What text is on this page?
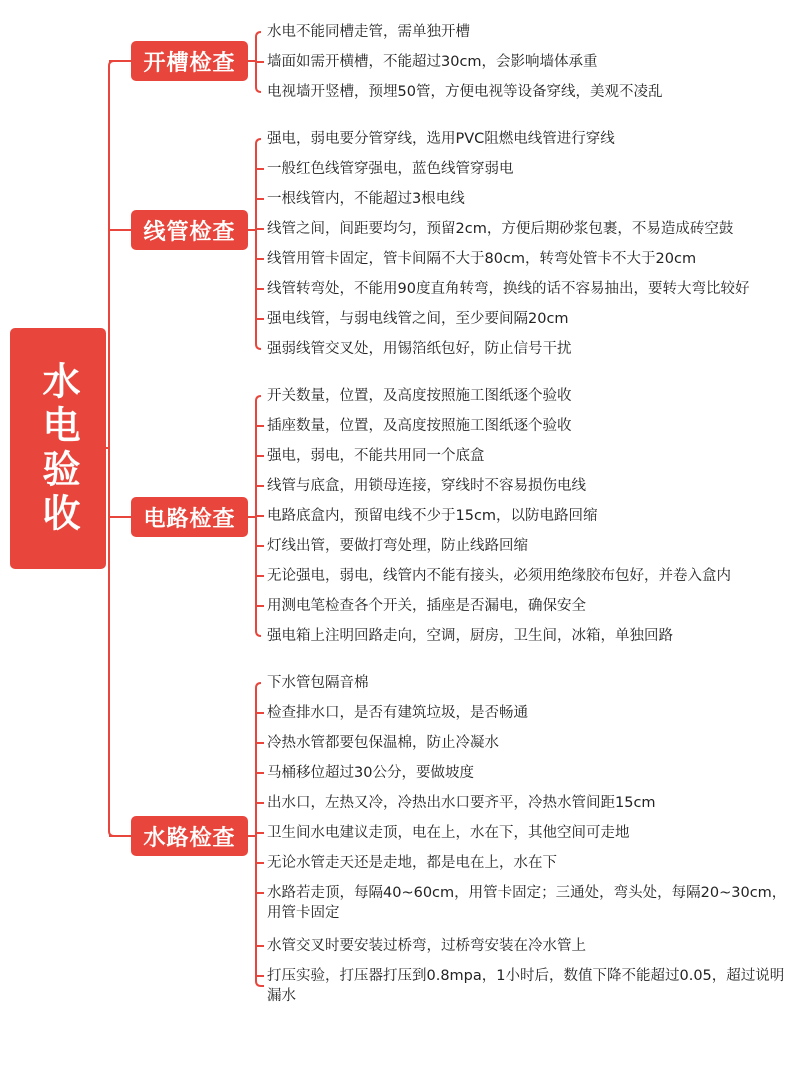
水电验收
开槽检查
线管检查
电路检查
水路检查
水电不能同槽走管，需单独开槽
墙面如需开横槽，不能超过30cm，会影响墙体承重
电视墙开竖槽，预埋50管，方便电视等设备穿线，美观不凌乱
强电，弱电要分管穿线，选用PVC阻燃电线管进行穿线
一般红色线管穿强电，蓝色线管穿弱电
一根线管内，不能超过3根电线
线管之间，间距要均匀，预留2cm，方便后期砂浆包裹，不易造成砖空鼓
线管用管卡固定，管卡间隔不大于80cm，转弯处管卡不大于20cm
线管转弯处，不能用90度直角转弯，换线的话不容易抽出，要转大弯比较好
强电线管，与弱电线管之间，至少要间隔20cm
强弱线管交叉处，用锡箔纸包好，防止信号干扰
开关数量，位置，及高度按照施工图纸逐个验收
插座数量，位置，及高度按照施工图纸逐个验收
强电，弱电，不能共用同一个底盒
线管与底盒，用锁母连接，穿线时不容易损伤电线
电路底盒内，预留电线不少于15cm，以防电路回缩
灯线出管，要做打弯处理，防止线路回缩
无论强电，弱电，线管内不能有接头，必须用绝缘胶布包好，并卷入盒内
用测电笔检查各个开关，插座是否漏电，确保安全
强电箱上注明回路走向，空调，厨房，卫生间，冰箱，单独回路
下水管包隔音棉
检查排水口，是否有建筑垃圾，是否畅通
冷热水管都要包保温棉，防止冷凝水
马桶移位超过30公分，要做坡度
出水口，左热又冷，冷热出水口要齐平，冷热水管间距15cm
卫生间水电建议走顶，电在上，水在下，其他空间可走地
无论水管走天还是走地，都是电在上，水在下
水路若走顶，每隔40~60cm，用管卡固定；三通处，弯头处，每隔20~30cm，用管卡固定
水管交叉时要安装过桥弯，过桥弯安装在冷水管上
打压实验，打压器打压到0.8mpa，1小时后，数值下降不能超过0.05，超过说明漏水
